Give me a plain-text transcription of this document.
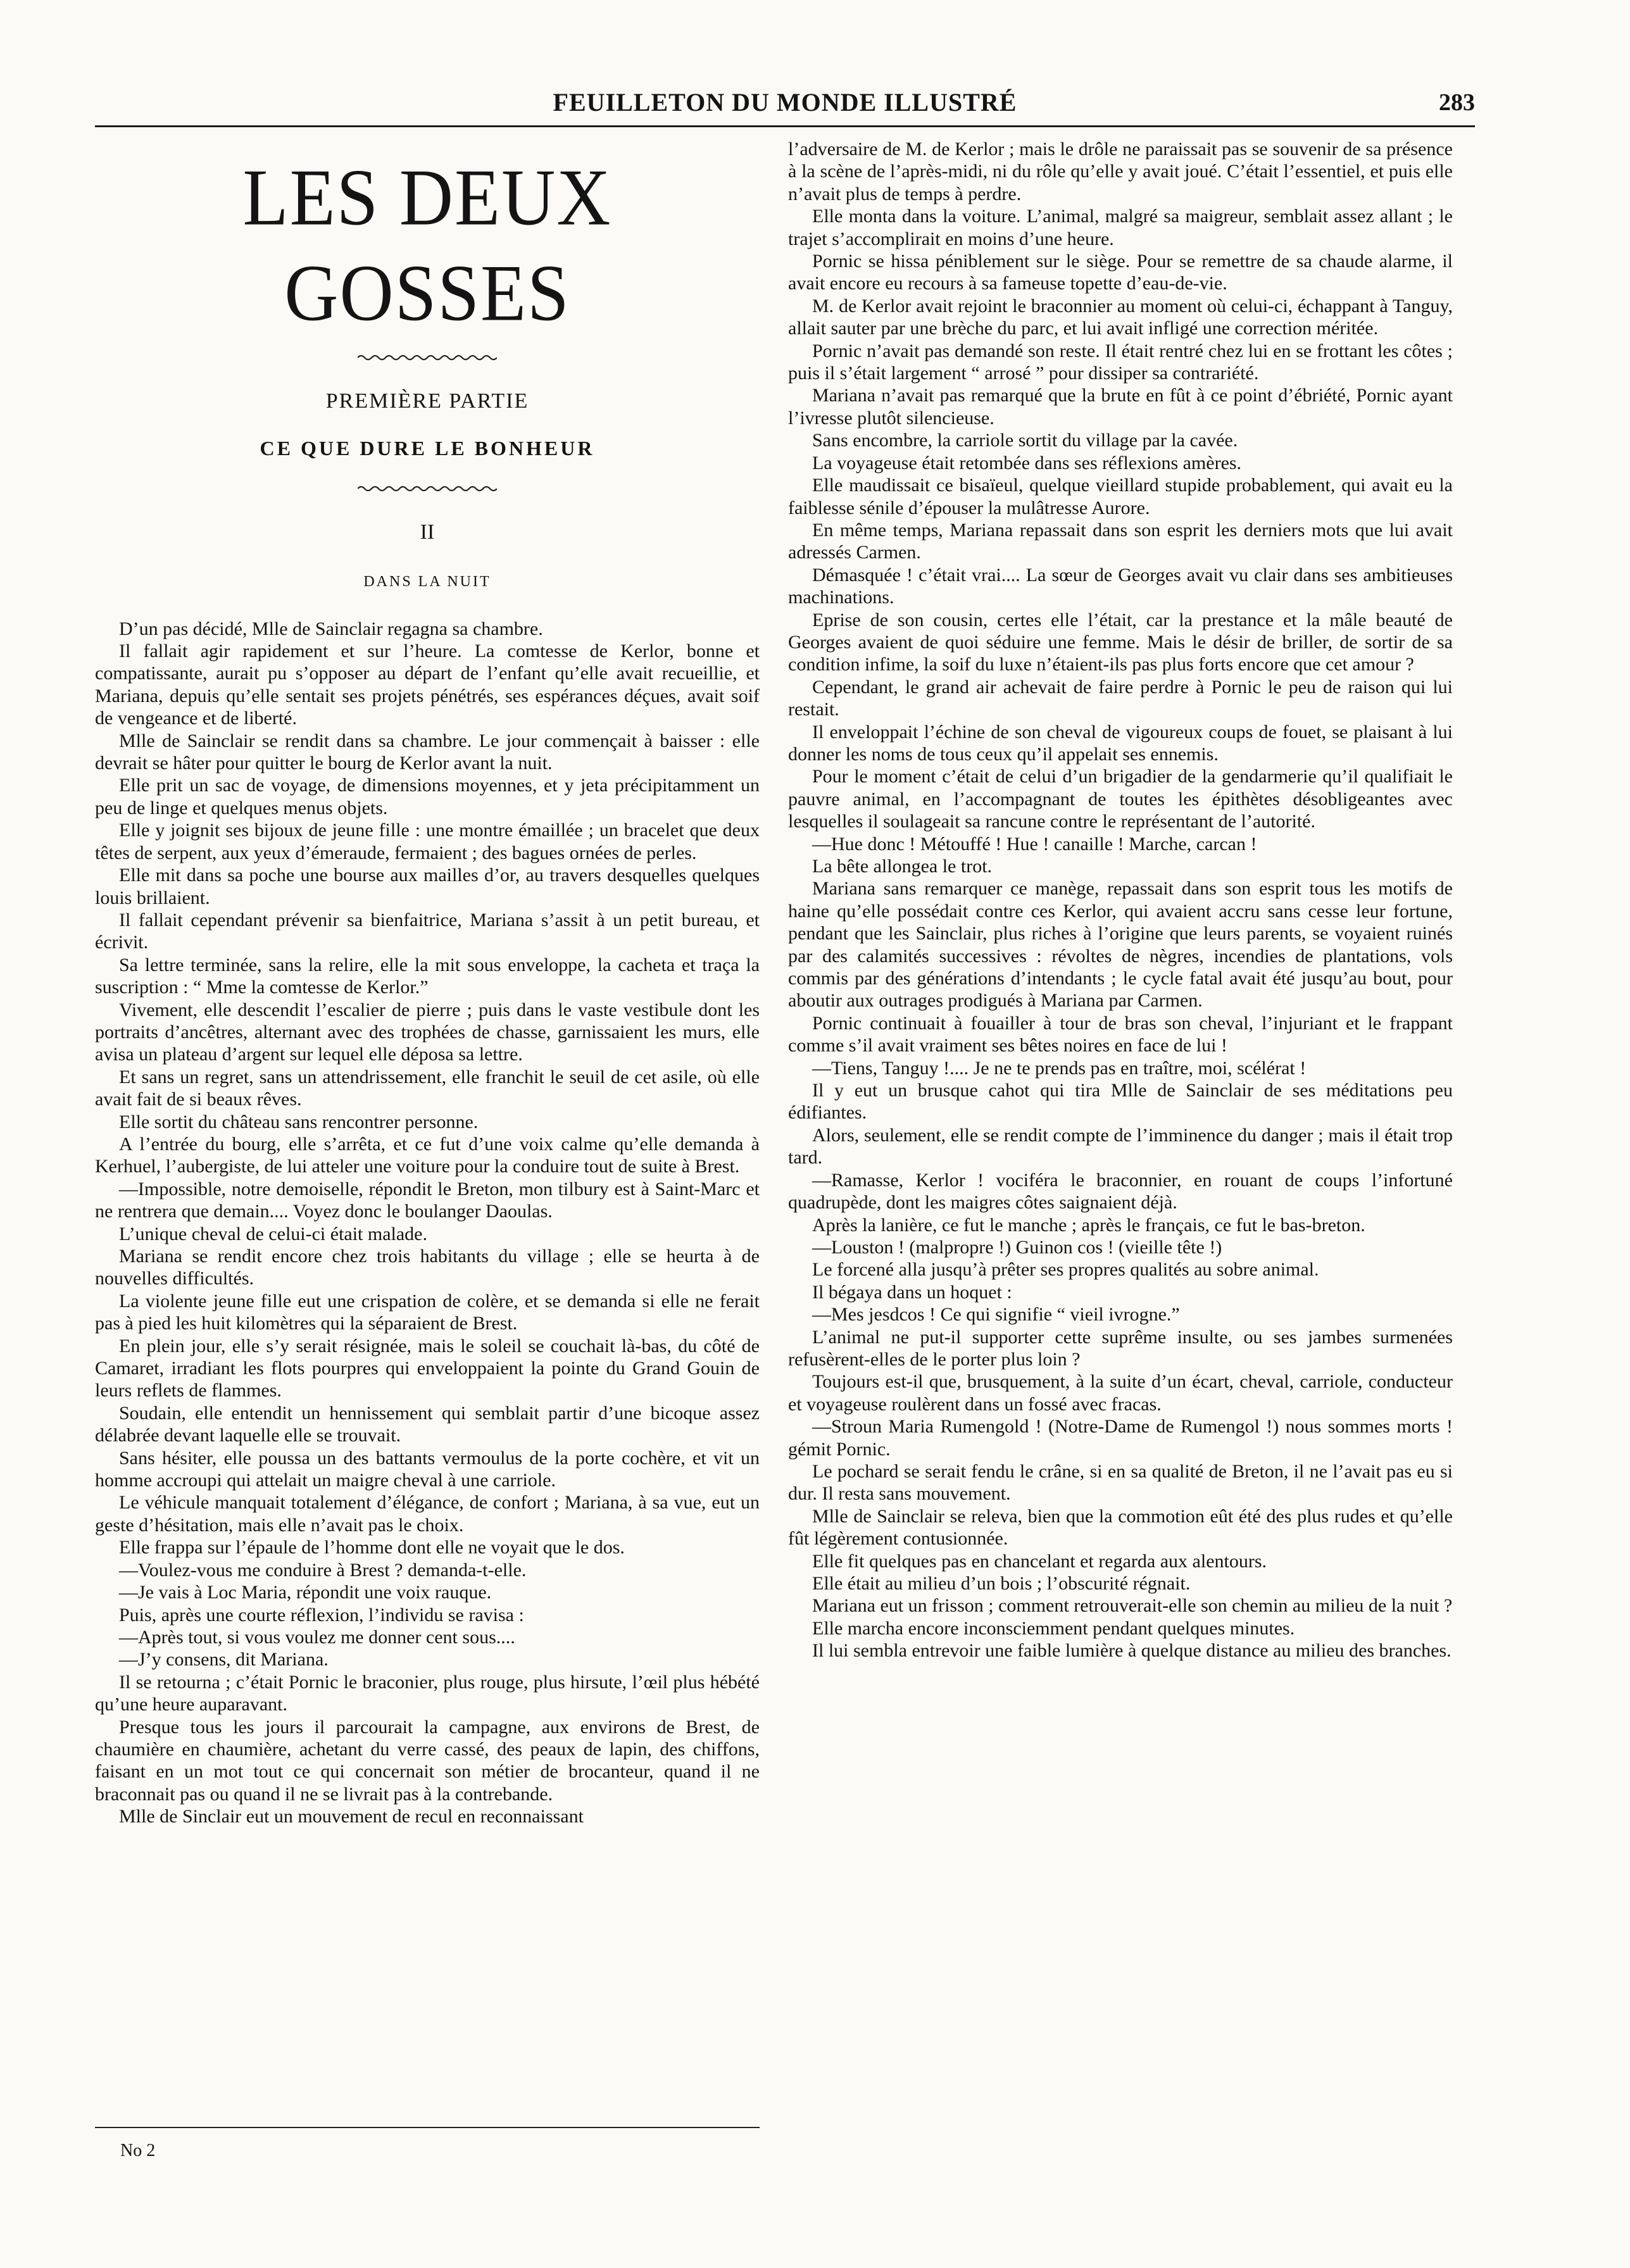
FEUILLETON DU MONDE ILLUSTRÉ	283
LES DEUX GOSSES
PREMIÈRE PARTIE
CE QUE DURE LE BONHEUR
II
DANS LA NUIT

D’un pas décidé, Mlle de Sainclair regagna sa chambre.

Il fallait agir rapidement et sur l’heure. La comtesse de Kerlor, bonne et compatissante, aurait pu s’opposer au départ de l’enfant qu’elle avait recueillie, et Mariana, depuis qu’elle sentait ses projets pénétrés, ses espérances déçues, avait soif de vengeance et de liberté.

Mlle de Sainclair se rendit dans sa chambre. Le jour commençait à baisser : elle devrait se hâter pour quitter le bourg de Kerlor avant la nuit.

Elle prit un sac de voyage, de dimensions moyennes, et y jeta précipitamment un peu de linge et quelques menus objets.

Elle y joignit ses bijoux de jeune fille : une montre émaillée ; un bracelet que deux têtes de serpent, aux yeux d’émeraude, fermaient ; des bagues ornées de perles.

Elle mit dans sa poche une bourse aux mailles d’or, au travers desquelles quelques louis brillaient.

Il fallait cependant prévenir sa bienfaitrice, Mariana s’assit à un petit bureau, et écrivit.

Sa lettre terminée, sans la relire, elle la mit sous enveloppe, la cacheta et traça la suscription : “ Mme la comtesse de Kerlor.”

Vivement, elle descendit l’escalier de pierre ; puis dans le vaste vestibule dont les portraits d’ancêtres, alternant avec des trophées de chasse, garnissaient les murs, elle avisa un plateau d’argent sur lequel elle déposa sa lettre.

Et sans un regret, sans un attendrissement, elle franchit le seuil de cet asile, où elle avait fait de si beaux rêves.

Elle sortit du château sans rencontrer personne.

A l’entrée du bourg, elle s’arrêta, et ce fut d’une voix calme qu’elle demanda à Kerhuel, l’aubergiste, de lui atteler une voiture pour la conduire tout de suite à Brest.

—Impossible, notre demoiselle, répondit le Breton, mon tilbury est à Saint-Marc et ne rentrera que demain.... Voyez donc le boulanger Daoulas.

L’unique cheval de celui-ci était malade.

Mariana se rendit encore chez trois habitants du village ; elle se heurta à de nouvelles difficultés.

La violente jeune fille eut une crispation de colère, et se demanda si elle ne ferait pas à pied les huit kilomètres qui la séparaient de Brest.

En plein jour, elle s’y serait résignée, mais le soleil se couchait là-bas, du côté de Camaret, irradiant les flots pourpres qui enveloppaient la pointe du Grand Gouin de leurs reflets de flammes.

Soudain, elle entendit un hennissement qui semblait partir d’une bicoque assez délabrée devant laquelle elle se trouvait.

Sans hésiter, elle poussa un des battants vermoulus de la porte cochère, et vit un homme accroupi qui attelait un maigre cheval à une carriole.

Le véhicule manquait totalement d’élégance, de confort ; Mariana, à sa vue, eut un geste d’hésitation, mais elle n’avait pas le choix.

Elle frappa sur l’épaule de l’homme dont elle ne voyait que le dos.

—Voulez-vous me conduire à Brest ? demanda-t-elle.

—Je vais à Loc Maria, répondit une voix rauque.

Puis, après une courte réflexion, l’individu se ravisa :

—Après tout, si vous voulez me donner cent sous....

—J’y consens, dit Mariana.

Il se retourna ; c’était Pornic le braconier, plus rouge, plus hirsute, l’œil plus hébété qu’une heure auparavant.

Presque tous les jours il parcourait la campagne, aux environs de Brest, de chaumière en chaumière, achetant du verre cassé, des peaux de lapin, des chiffons, faisant en un mot tout ce qui concernait son métier de brocanteur, quand il ne braconnait pas ou quand il ne se livrait pas à la contrebande.

Mlle de Sinclair eut un mouvement de recul en reconnaissant

l’adversaire de M. de Kerlor ; mais le drôle ne paraissait pas se souvenir de sa présence à la scène de l’après-midi, ni du rôle qu’elle y avait joué. C’était l’essentiel, et puis elle n’avait plus de temps à perdre.

Elle monta dans la voiture. L’animal, malgré sa maigreur, semblait assez allant ; le trajet s’accomplirait en moins d’une heure.

Pornic se hissa péniblement sur le siège. Pour se remettre de sa chaude alarme, il avait encore eu recours à sa fameuse topette d’eau-de-vie.

M. de Kerlor avait rejoint le braconnier au moment où celui-ci, échappant à Tanguy, allait sauter par une brèche du parc, et lui avait infligé une correction méritée.

Pornic n’avait pas demandé son reste. Il était rentré chez lui en se frottant les côtes ; puis il s’était largement “ arrosé ” pour dissiper sa contrariété.

Mariana n’avait pas remarqué que la brute en fût à ce point d’ébriété, Pornic ayant l’ivresse plutôt silencieuse.

Sans encombre, la carriole sortit du village par la cavée.

La voyageuse était retombée dans ses réflexions amères.

Elle maudissait ce bisaïeul, quelque vieillard stupide probablement, qui avait eu la faiblesse sénile d’épouser la mulâtresse Aurore.

En même temps, Mariana repassait dans son esprit les derniers mots que lui avait adressés Carmen.

Démasquée ! c’était vrai.... La sœur de Georges avait vu clair dans ses ambitieuses machinations.

Eprise de son cousin, certes elle l’était, car la prestance et la mâle beauté de Georges avaient de quoi séduire une femme. Mais le désir de briller, de sortir de sa condition infime, la soif du luxe n’étaient-ils pas plus forts encore que cet amour ?

Cependant, le grand air achevait de faire perdre à Pornic le peu de raison qui lui restait.

Il enveloppait l’échine de son cheval de vigoureux coups de fouet, se plaisant à lui donner les noms de tous ceux qu’il appelait ses ennemis.

Pour le moment c’était de celui d’un brigadier de la gendarmerie qu’il qualifiait le pauvre animal, en l’accompagnant de toutes les épithètes désobligeantes avec lesquelles il soulageait sa rancune contre le représentant de l’autorité.

—Hue donc ! Métouffé ! Hue ! canaille ! Marche, carcan !

La bête allongea le trot.

Mariana sans remarquer ce manège, repassait dans son esprit tous les motifs de haine qu’elle possédait contre ces Kerlor, qui avaient accru sans cesse leur fortune, pendant que les Sainclair, plus riches à l’origine que leurs parents, se voyaient ruinés par des calamités successives : révoltes de nègres, incendies de plantations, vols commis par des générations d’intendants ; le cycle fatal avait été jusqu’au bout, pour aboutir aux outrages prodigués à Mariana par Carmen.

Pornic continuait à fouailler à tour de bras son cheval, l’injuriant et le frappant comme s’il avait vraiment ses bêtes noires en face de lui !

—Tiens, Tanguy !.... Je ne te prends pas en traître, moi, scélérat !

Il y eut un brusque cahot qui tira Mlle de Sainclair de ses méditations peu édifiantes.

Alors, seulement, elle se rendit compte de l’imminence du danger ; mais il était trop tard.

—Ramasse, Kerlor ! vociféra le braconnier, en rouant de coups l’infortuné quadrupède, dont les maigres côtes saignaient déjà.

Après la lanière, ce fut le manche ; après le français, ce fut le bas-breton.

—Louston ! (malpropre !) Guinon cos ! (vieille tête !)

Le forcené alla jusqu’à prêter ses propres qualités au sobre animal.

Il bégaya dans un hoquet :

—Mes jesdcos ! Ce qui signifie “ vieil ivrogne.”

L’animal ne put-il supporter cette suprême insulte, ou ses jambes surmenées refusèrent-elles de le porter plus loin ?

Toujours est-il que, brusquement, à la suite d’un écart, cheval, carriole, conducteur et voyageuse roulèrent dans un fossé avec fracas.

—Stroun Maria Rumengold ! (Notre-Dame de Rumengol !) nous sommes morts ! gémit Pornic.

Le pochard se serait fendu le crâne, si en sa qualité de Breton, il ne l’avait pas eu si dur. Il resta sans mouvement.

Mlle de Sainclair se releva, bien que la commotion eût été des plus rudes et qu’elle fût légèrement contusionnée.

Elle fit quelques pas en chancelant et regarda aux alentours.

Elle était au milieu d’un bois ; l’obscurité régnait.

Mariana eut un frisson ; comment retrouverait-elle son chemin au milieu de la nuit ?

Elle marcha encore inconsciemment pendant quelques minutes.

Il lui sembla entrevoir une faible lumière à quelque distance au milieu des branches.

No 2
